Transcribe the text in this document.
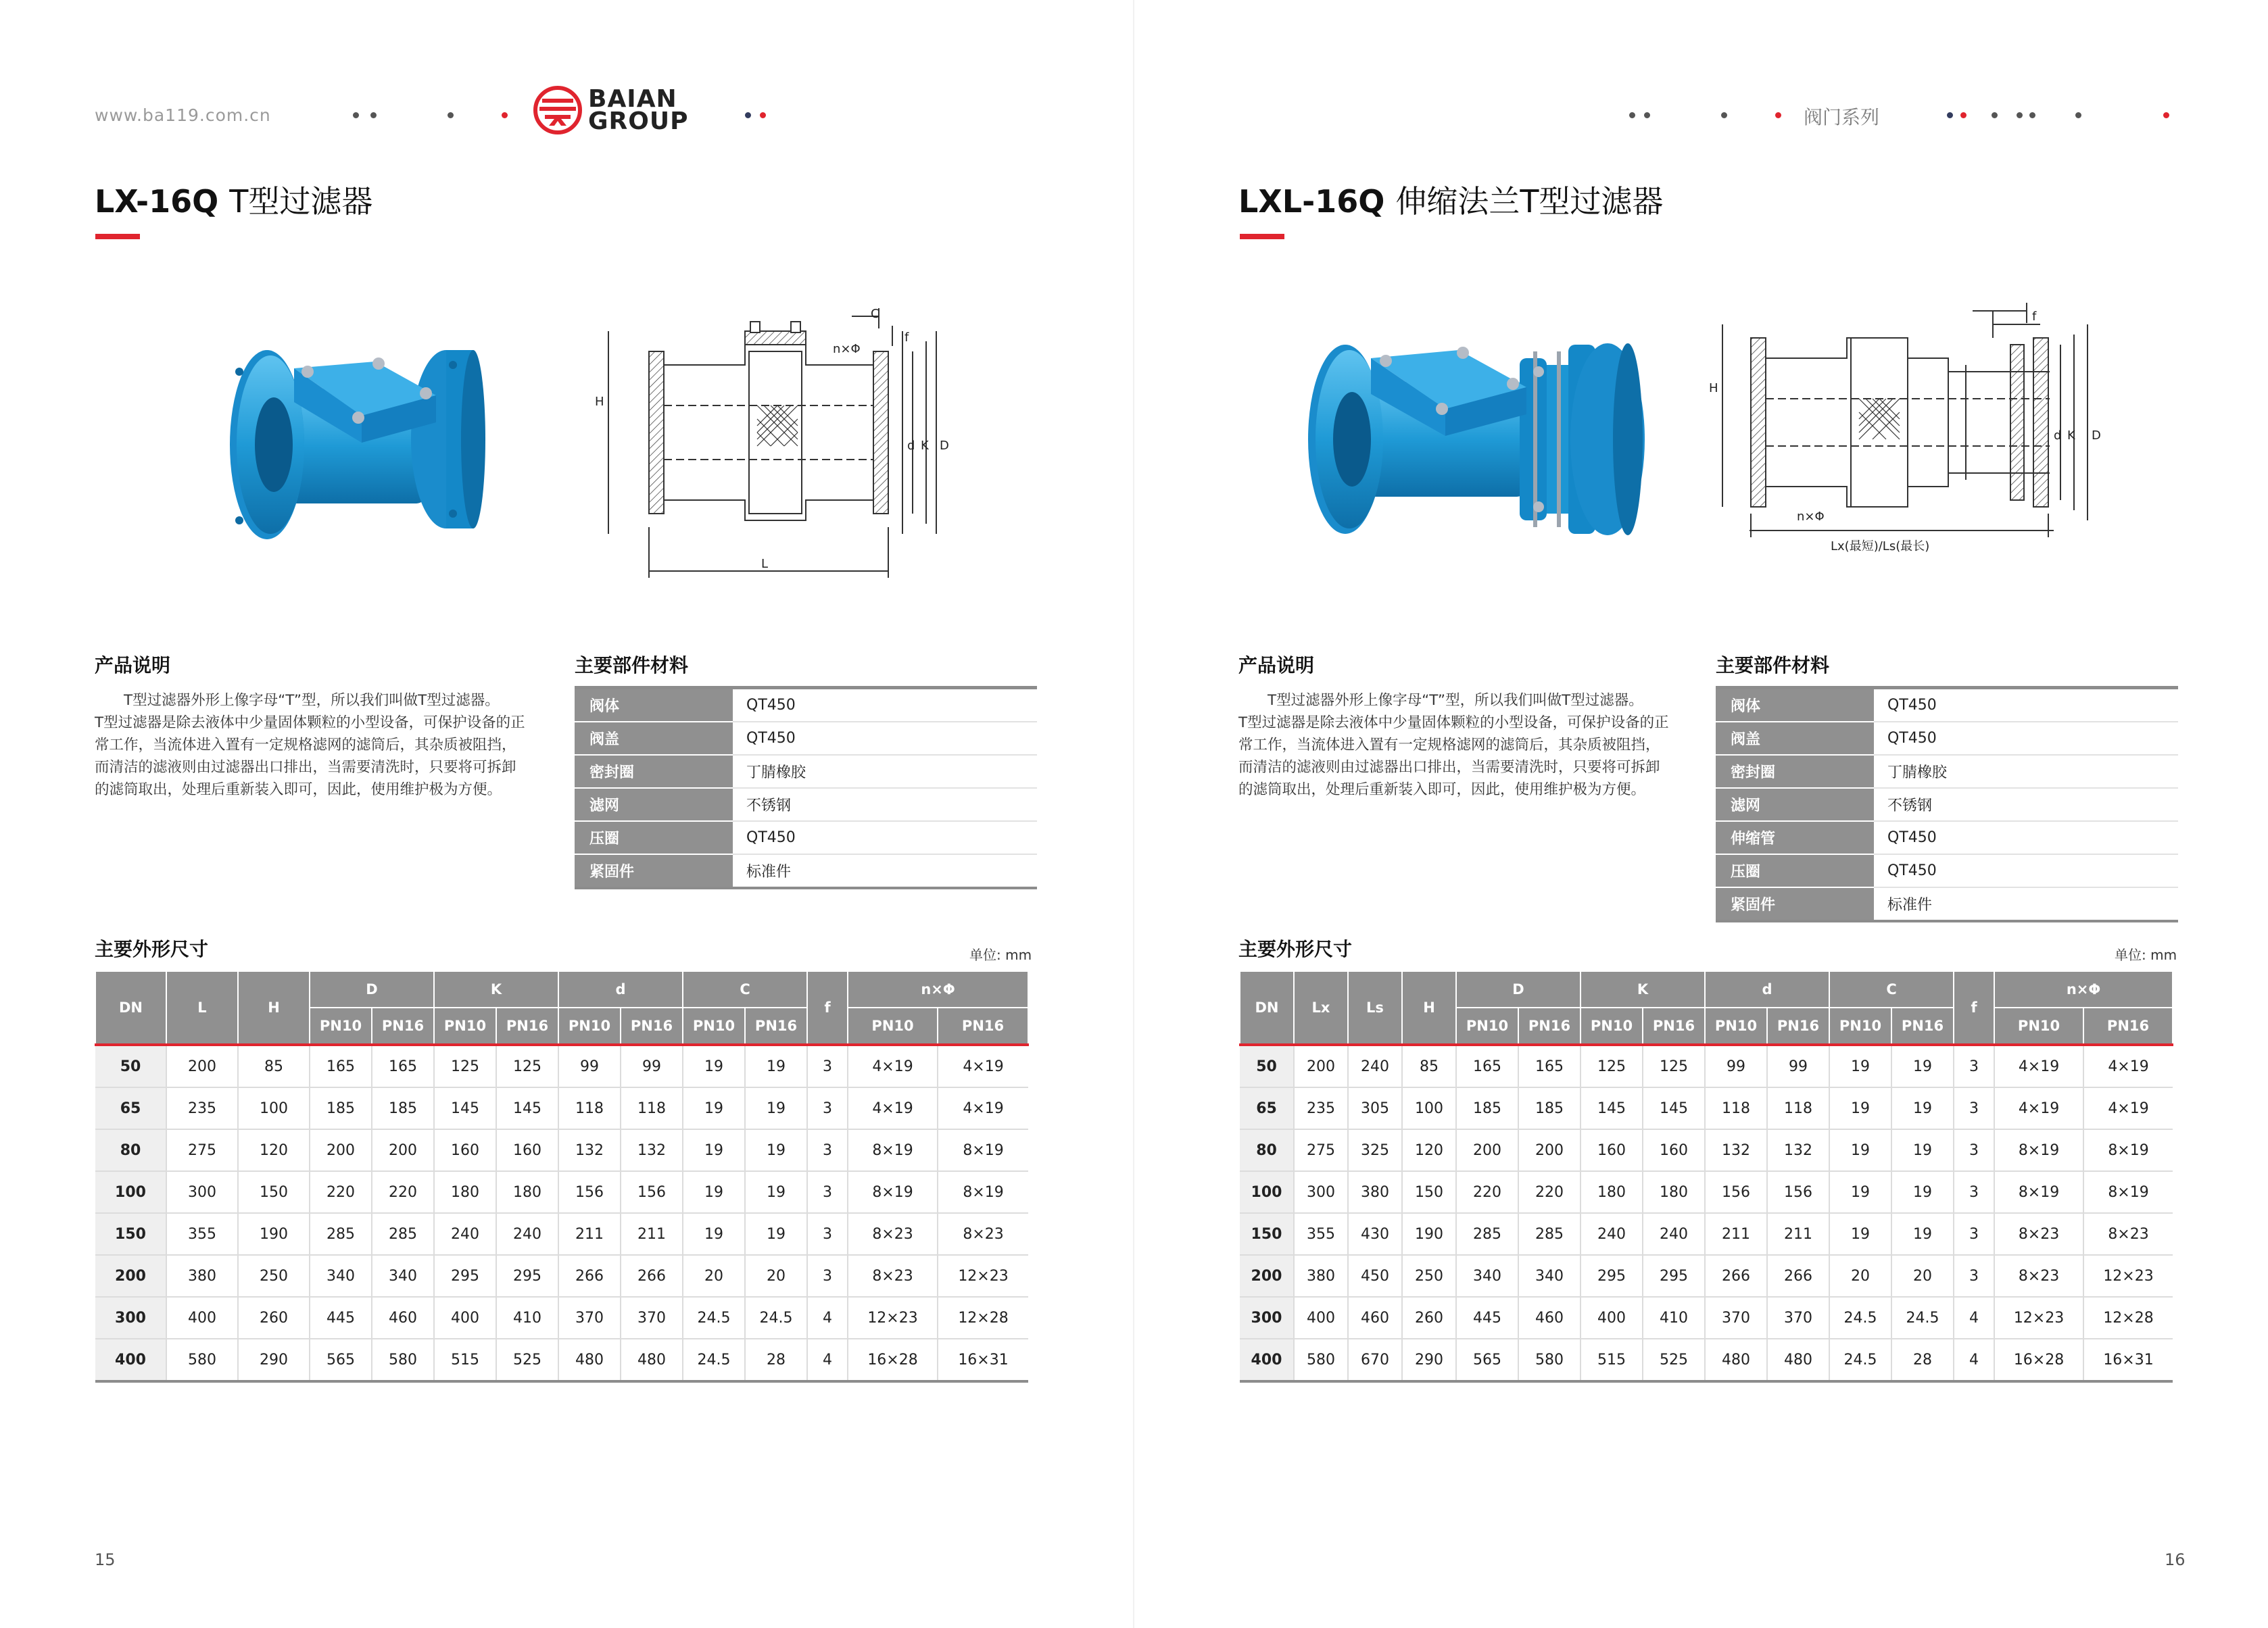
www.ba119.com.cn
BAIAN
GROUP
LX-16Q T型过滤器
C
f
n×Φ
H
d K D
L
产品说明

T型过滤器外形上像字母“T”型，所以我们叫做T型过滤器。

T型过滤器是除去液体中少量固体颗粒的小型设备，可保护设备的正

常工作，当流体进入置有一定规格滤网的滤筒后，其杂质被阻挡，

而清洁的滤液则由过滤器出口排出，当需要清洗时，只要将可拆卸

的滤筒取出，处理后重新装入即可，因此，使用维护极为方便。

主要部件材料
阀体	QT450
阀盖	QT450
密封圈	丁腈橡胶
滤网	不锈钢
压圈	QT450
紧固件	标准件
主要外形尺寸	单位: mm
DN	L	H	D		K		d		C		f	n×Φ	
			PN10	PN16	PN10	PN16	PN10	PN16	PN10	PN16		PN10	PN16
50	200	85	165	165	125	125	99	99	19	19	3	4×19	4×19
65	235	100	185	185	145	145	118	118	19	19	3	4×19	4×19
80	275	120	200	200	160	160	132	132	19	19	3	8×19	8×19
100	300	150	220	220	180	180	156	156	19	19	3	8×19	8×19
150	355	190	285	285	240	240	211	211	19	19	3	8×23	8×23
200	380	250	340	340	295	295	266	266	20	20	3	8×23	12×23
300	400	260	445	460	400	410	370	370	24.5	24.5	4	12×23	12×28
400	580	290	565	580	515	525	480	480	24.5	28	4	16×28	16×31
15
阀门系列
LXL-16Q 伸缩法兰T型过滤器
f
H
d K D
n×Φ
Lx(最短)/Ls(最长)
产品说明

T型过滤器外形上像字母“T”型，所以我们叫做T型过滤器。

T型过滤器是除去液体中少量固体颗粒的小型设备，可保护设备的正

常工作，当流体进入置有一定规格滤网的滤筒后，其杂质被阻挡，

而清洁的滤液则由过滤器出口排出，当需要清洗时，只要将可拆卸

的滤筒取出，处理后重新装入即可，因此，使用维护极为方便。

主要部件材料
阀体	QT450
阀盖	QT450
密封圈	丁腈橡胶
滤网	不锈钢
伸缩管	QT450
压圈	QT450
紧固件	标准件
主要外形尺寸	单位: mm
DN	Lx	Ls	H	D		K		d		C		f	n×Φ	
				PN10	PN16	PN10	PN16	PN10	PN16	PN10	PN16		PN10	PN16
50	200	240	85	165	165	125	125	99	99	19	19	3	4×19	4×19
65	235	305	100	185	185	145	145	118	118	19	19	3	4×19	4×19
80	275	325	120	200	200	160	160	132	132	19	19	3	8×19	8×19
100	300	380	150	220	220	180	180	156	156	19	19	3	8×19	8×19
150	355	430	190	285	285	240	240	211	211	19	19	3	8×23	8×23
200	380	450	250	340	340	295	295	266	266	20	20	3	8×23	12×23
300	400	460	260	445	460	400	410	370	370	24.5	24.5	4	12×23	12×28
400	580	670	290	565	580	515	525	480	480	24.5	28	4	16×28	16×31
16
